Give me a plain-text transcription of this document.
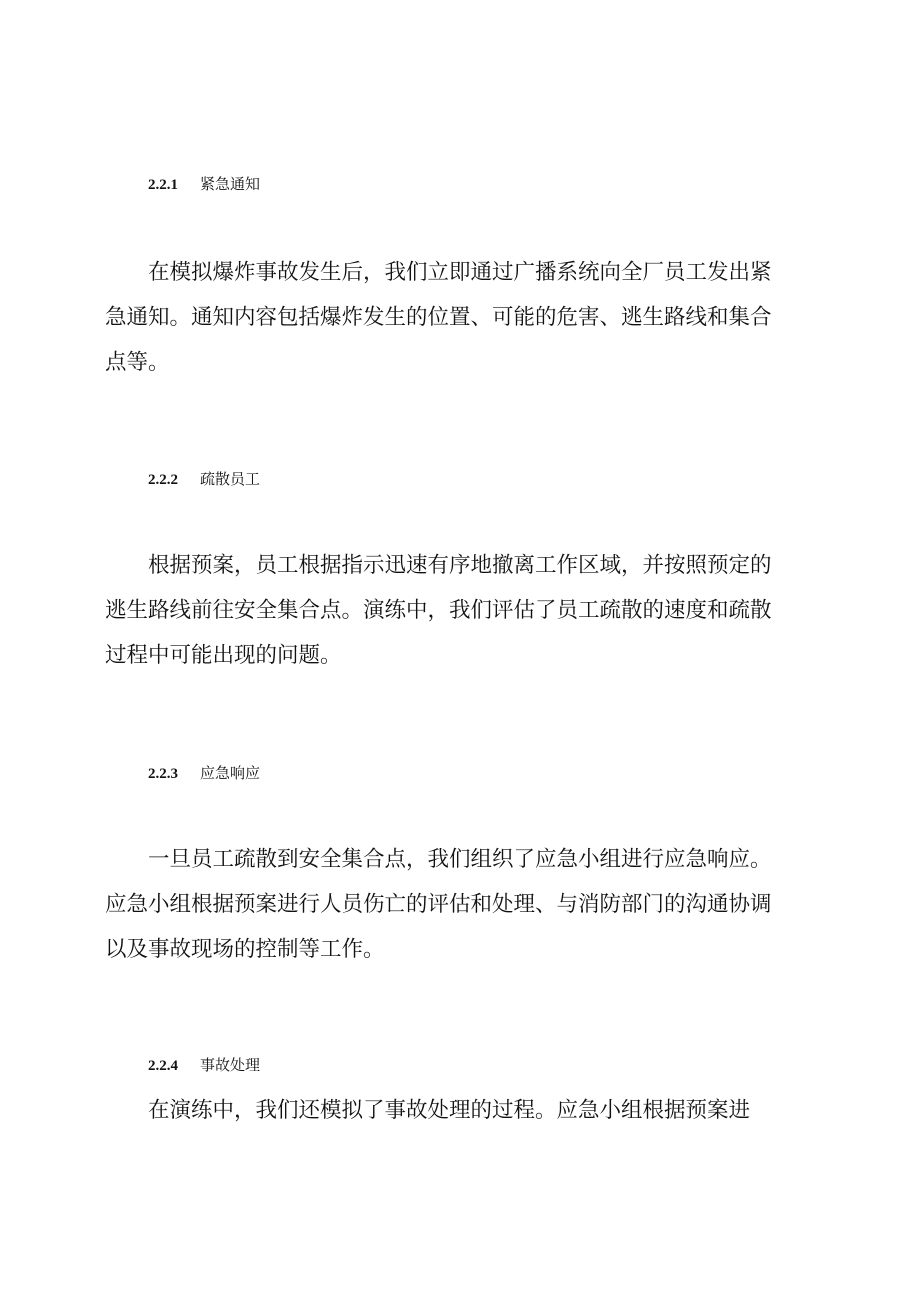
2.2.1 紧急通知
在模拟爆炸事故发生后，我们立即通过广播系统向全厂员工发出紧
急通知。通知内容包括爆炸发生的位置、可能的危害、逃生路线和集合
点等。
2.2.2 疏散员工
根据预案，员工根据指示迅速有序地撤离工作区域，并按照预定的
逃生路线前往安全集合点。演练中，我们评估了员工疏散的速度和疏散
过程中可能出现的问题。
2.2.3 应急响应
一旦员工疏散到安全集合点，我们组织了应急小组进行应急响应。
应急小组根据预案进行人员伤亡的评估和处理、与消防部门的沟通协调
以及事故现场的控制等工作。
2.2.4 事故处理
在演练中，我们还模拟了事故处理的过程。应急小组根据预案进
